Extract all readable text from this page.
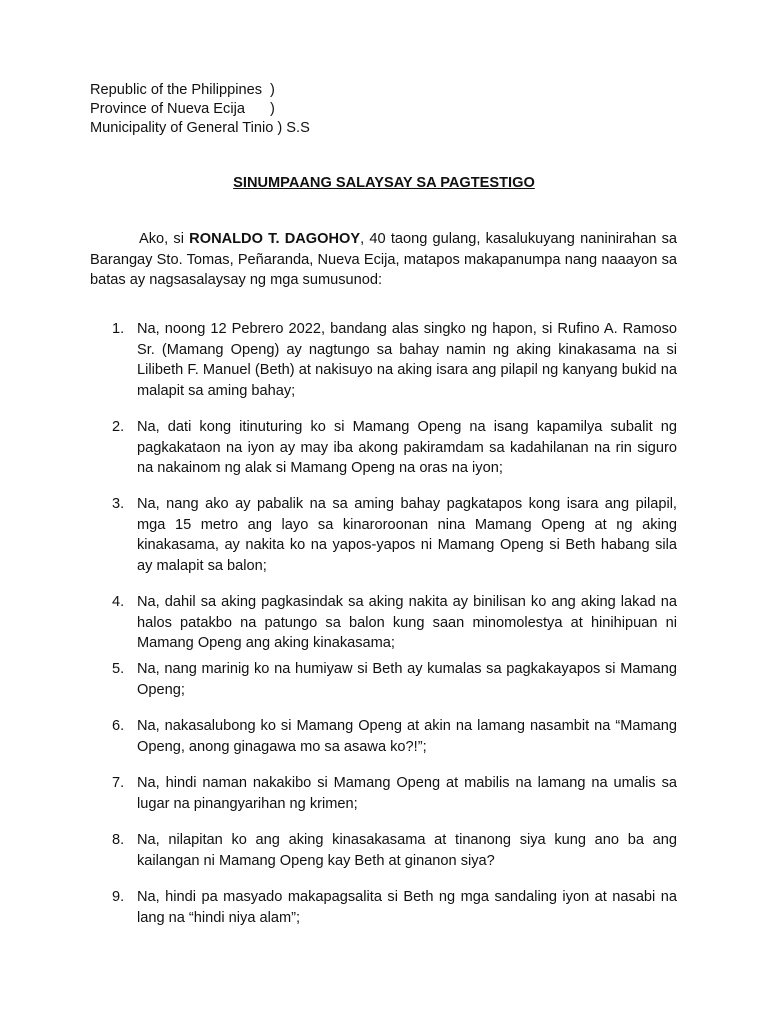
Republic of the Philippines )
Province of Nueva Ecija )
Municipality of General Tinio ) S.S
SINUMPAANG SALAYSAY SA PAGTESTIGO
Ako, si RONALDO T. DAGOHOY, 40 taong gulang, kasalukuyang naninirahan sa Barangay Sto. Tomas, Peñaranda, Nueva Ecija, matapos makapanumpa nang naaayon sa batas ay nagsasalaysay ng mga sumusunod:
1. Na, noong 12 Pebrero 2022, bandang alas singko ng hapon, si Rufino A. Ramoso Sr. (Mamang Openg) ay nagtungo sa bahay namin ng aking kinakasama na si Lilibeth F. Manuel (Beth) at nakisuyo na aking isara ang pilapil ng kanyang bukid na malapit sa aming bahay;
2. Na, dati kong itinuturing ko si Mamang Openg na isang kapamilya subalit ng pagkakataon na iyon ay may iba akong pakiramdam sa kadahilanan na rin siguro na nakainom ng alak si Mamang Openg na oras na iyon;
3. Na, nang ako ay pabalik na sa aming bahay pagkatapos kong isara ang pilapil, mga 15 metro ang layo sa kinaroroonan nina Mamang Openg at ng aking kinakasama, ay nakita ko na yapos-yapos ni Mamang Openg si Beth habang sila ay malapit sa balon;
4. Na, dahil sa aking pagkasindak sa aking nakita ay binilisan ko ang aking lakad na halos patakbo na patungo sa balon kung saan minomolestya at hinihipuan ni Mamang Openg ang aking kinakasama;
5. Na, nang marinig ko na humiyaw si Beth ay kumalas sa pagkakayapos si Mamang Openg;
6. Na, nakasalubong ko si Mamang Openg at akin na lamang nasambit na “Mamang Openg, anong ginagawa mo sa asawa ko?!”;
7. Na, hindi naman nakakibo si Mamang Openg at mabilis na lamang na umalis sa lugar na pinangyarihan ng krimen;
8. Na, nilapitan ko ang aking kinasakasama at tinanong siya kung ano ba ang kailangan ni Mamang Openg kay Beth at ginanon siya?
9. Na, hindi pa masyado makapagsalita si Beth ng mga sandaling iyon at nasabi na lang na “hindi niya alam”;
